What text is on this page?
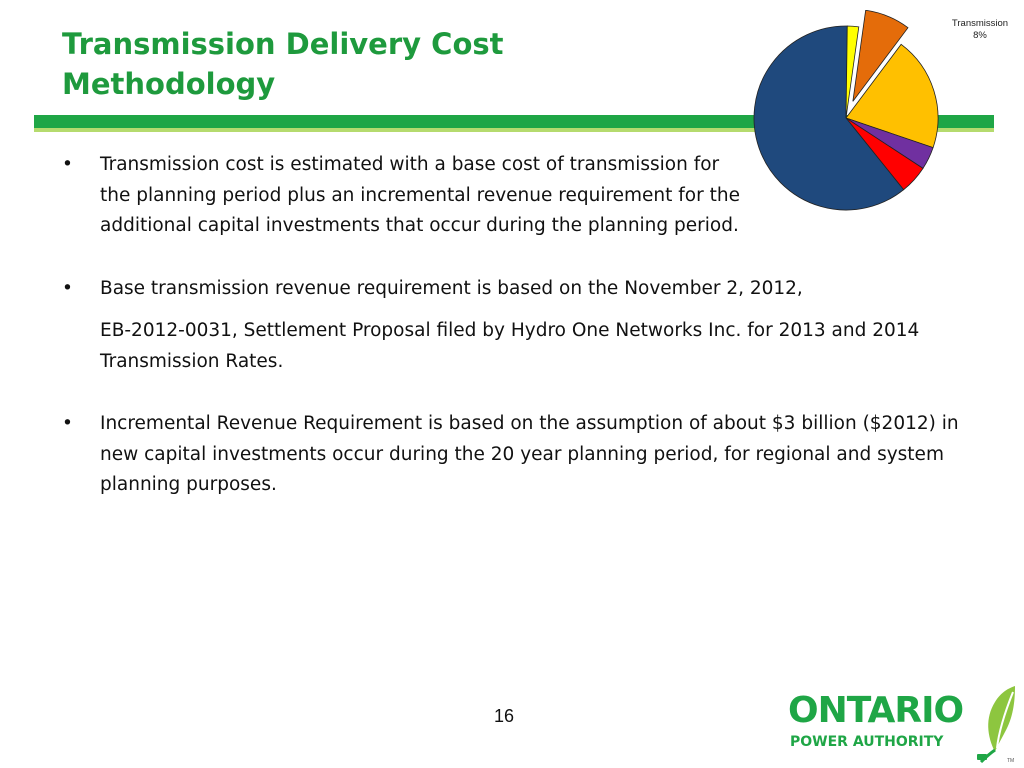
Transmission Delivery Cost
Methodology
Transmission
8%
• Transmission cost is estimated with a base cost of transmission for the planning period plus an incremental revenue requirement for the additional capital investments that occur during the planning period.
• Base transmission revenue requirement is based on the November 2, 2012,
EB-2012-0031, Settlement Proposal filed by Hydro One Networks Inc. for 2013 and 2014 Transmission Rates.
• Incremental Revenue Requirement is based on the assumption of about $3 billion ($2012) in new capital investments occur during the 20 year planning period, for regional and system planning purposes.
16	ONTARIO
POWER AUTHORITY
TM
